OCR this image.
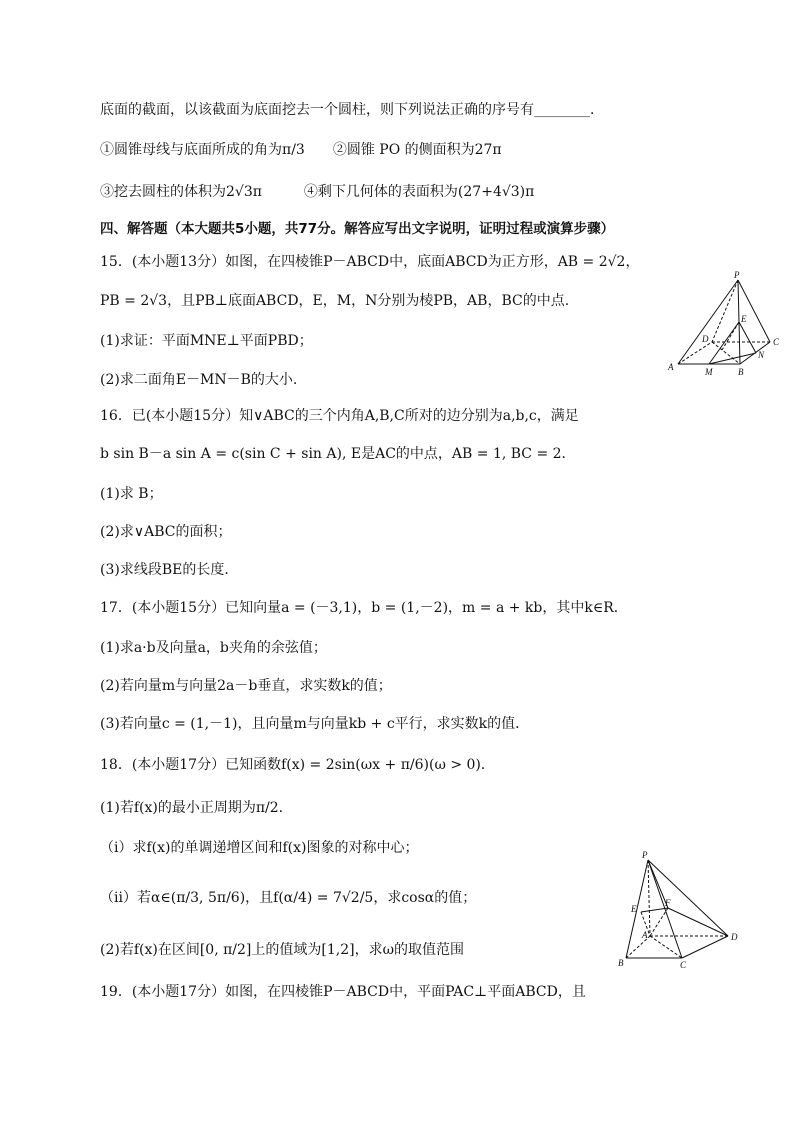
底面的截面，以该截面为底面挖去一个圆柱，则下列说法正确的序号有________．
①圆锥母线与底面所成的角为π/3　　②圆锥 PO 的侧面积为27π
③挖去圆柱的体积为2√3π　　　④剩下几何体的表面积为(27+4√3)π
四、解答题（本大题共5小题，共77分。解答应写出文字说明，证明过程或演算步骤）
15．(本小题13分）如图，在四棱锥P－ABCD中，底面ABCD为正方形，AB = 2√2，
PB = 2√3，且PB⊥底面ABCD，E，M，N分别为棱PB，AB，BC的中点.
(1)求证：平面MNE⊥平面PBD；
(2)求二面角E－MN－B的大小.
16．已(本小题15分）知∨ABC的三个内角A,B,C所对的边分别为a,b,c，满足
b sin B－a sin A = c(sin C + sin A), E是AC的中点，AB = 1, BC = 2．
(1)求 B；
(2)求∨ABC的面积；
(3)求线段BE的长度．
17．(本小题15分）已知向量a = (－3,1)，b = (1,－2)，m = a + kb，其中k∈R．
(1)求a·b及向量a，b夹角的余弦值；
(2)若向量m与向量2a－b垂直，求实数k的值；
(3)若向量c = (1,－1)，且向量m与向量kb + c平行，求实数k的值．
18．(本小题17分）已知函数f(x) = 2sin(ωx + π/6)(ω > 0)．
(1)若f(x)的最小正周期为π/2.
（i）求f(x)的单调递增区间和f(x)图象的对称中心；
（ii）若α∈(π/3, 5π/6)，且f(α/4) = 7√2/5，求cosα的值；
(2)若f(x)在区间[0, π/2]上的值域为[1,2]，求ω的取值范围
19．(本小题17分）如图，在四棱锥P－ABCD中，平面PAC⊥平面ABCD，且
P
E
D	C
N
A	M	B
P
E
F
A	D
B	C
